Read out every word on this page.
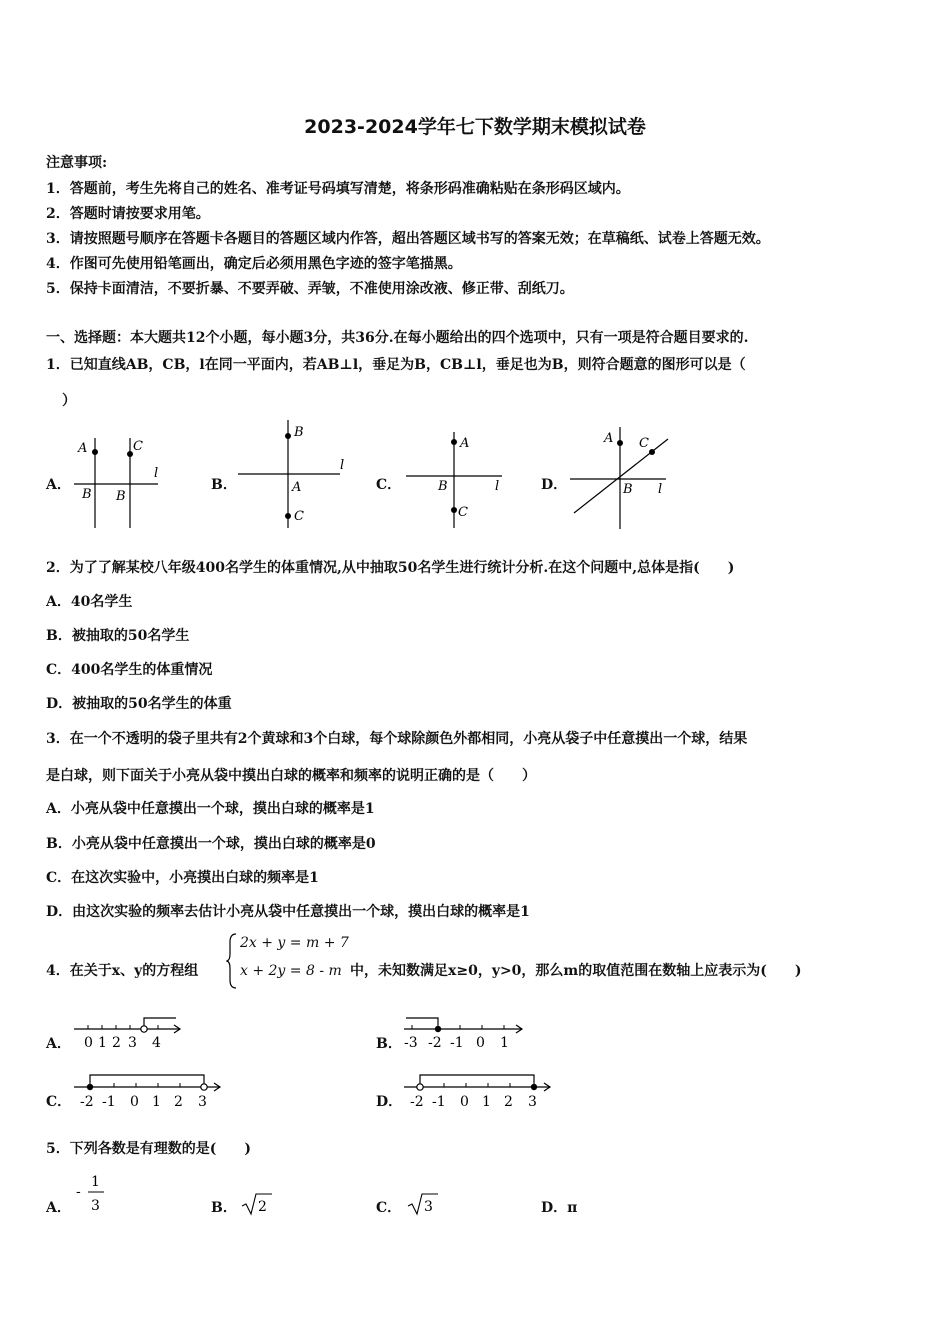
2023-2024学年七下数学期末模拟试卷
注意事项:
1．答题前，考生先将自己的姓名、准考证号码填写清楚，将条形码准确粘贴在条形码区域内。
2．答题时请按要求用笔。
3．请按照题号顺序在答题卡各题目的答题区域内作答，超出答题区域书写的答案无效；在草稿纸、试卷上答题无效。
4．作图可先使用铅笔画出，确定后必须用黑色字迹的签字笔描黑。
5．保持卡面清洁，不要折暴、不要弄破、弄皱，不准使用涂改液、修正带、刮纸刀。
一、选择题：本大题共12个小题，每小题3分，共36分.在每小题给出的四个选项中，只有一项是符合题目要求的.
1．已知直线AB，CB，l在同一平面内，若AB⊥l，垂足为B，CB⊥l，垂足也为B，则符合题意的图形可以是（
）
A．
A	C
B B
l
B．
B
A
C
l
C．
A
B
C
l	D．
A C
B l
2．为了了解某校八年级400名学生的体重情况,从中抽取50名学生进行统计分析.在这个问题中,总体是指(　　)
A．40名学生
B．被抽取的50名学生
C．400名学生的体重情况
D．被抽取的50名学生的体重
3．在一个不透明的袋子里共有2个黄球和3个白球，每个球除颜色外都相同，小亮从袋子中任意摸出一个球，结果
是白球，则下面关于小亮从袋中摸出白球的概率和频率的说明正确的是（　　）
A．小亮从袋中任意摸出一个球，摸出白球的概率是1
B．小亮从袋中任意摸出一个球，摸出白球的概率是0
C．在这次实验中，小亮摸出白球的频率是1
D．由这次实验的频率去估计小亮从袋中任意摸出一个球，摸出白球的概率是1
4．在关于x、y的方程组
2x + y = m + 7
x + 2y = 8 - m 中，未知数满足x≥0，y>0，那么m的取值范围在数轴上应表示为(　　)
A． 0 1 2 3 4	B． -3 -2 -1 0 1
C． -2 -1 0 1 2 3	D． -2 -1 0 1 2 3
5．下列各数是有理数的是(　　)
A．
-
1
3	B． 2	C． 3	D．π
